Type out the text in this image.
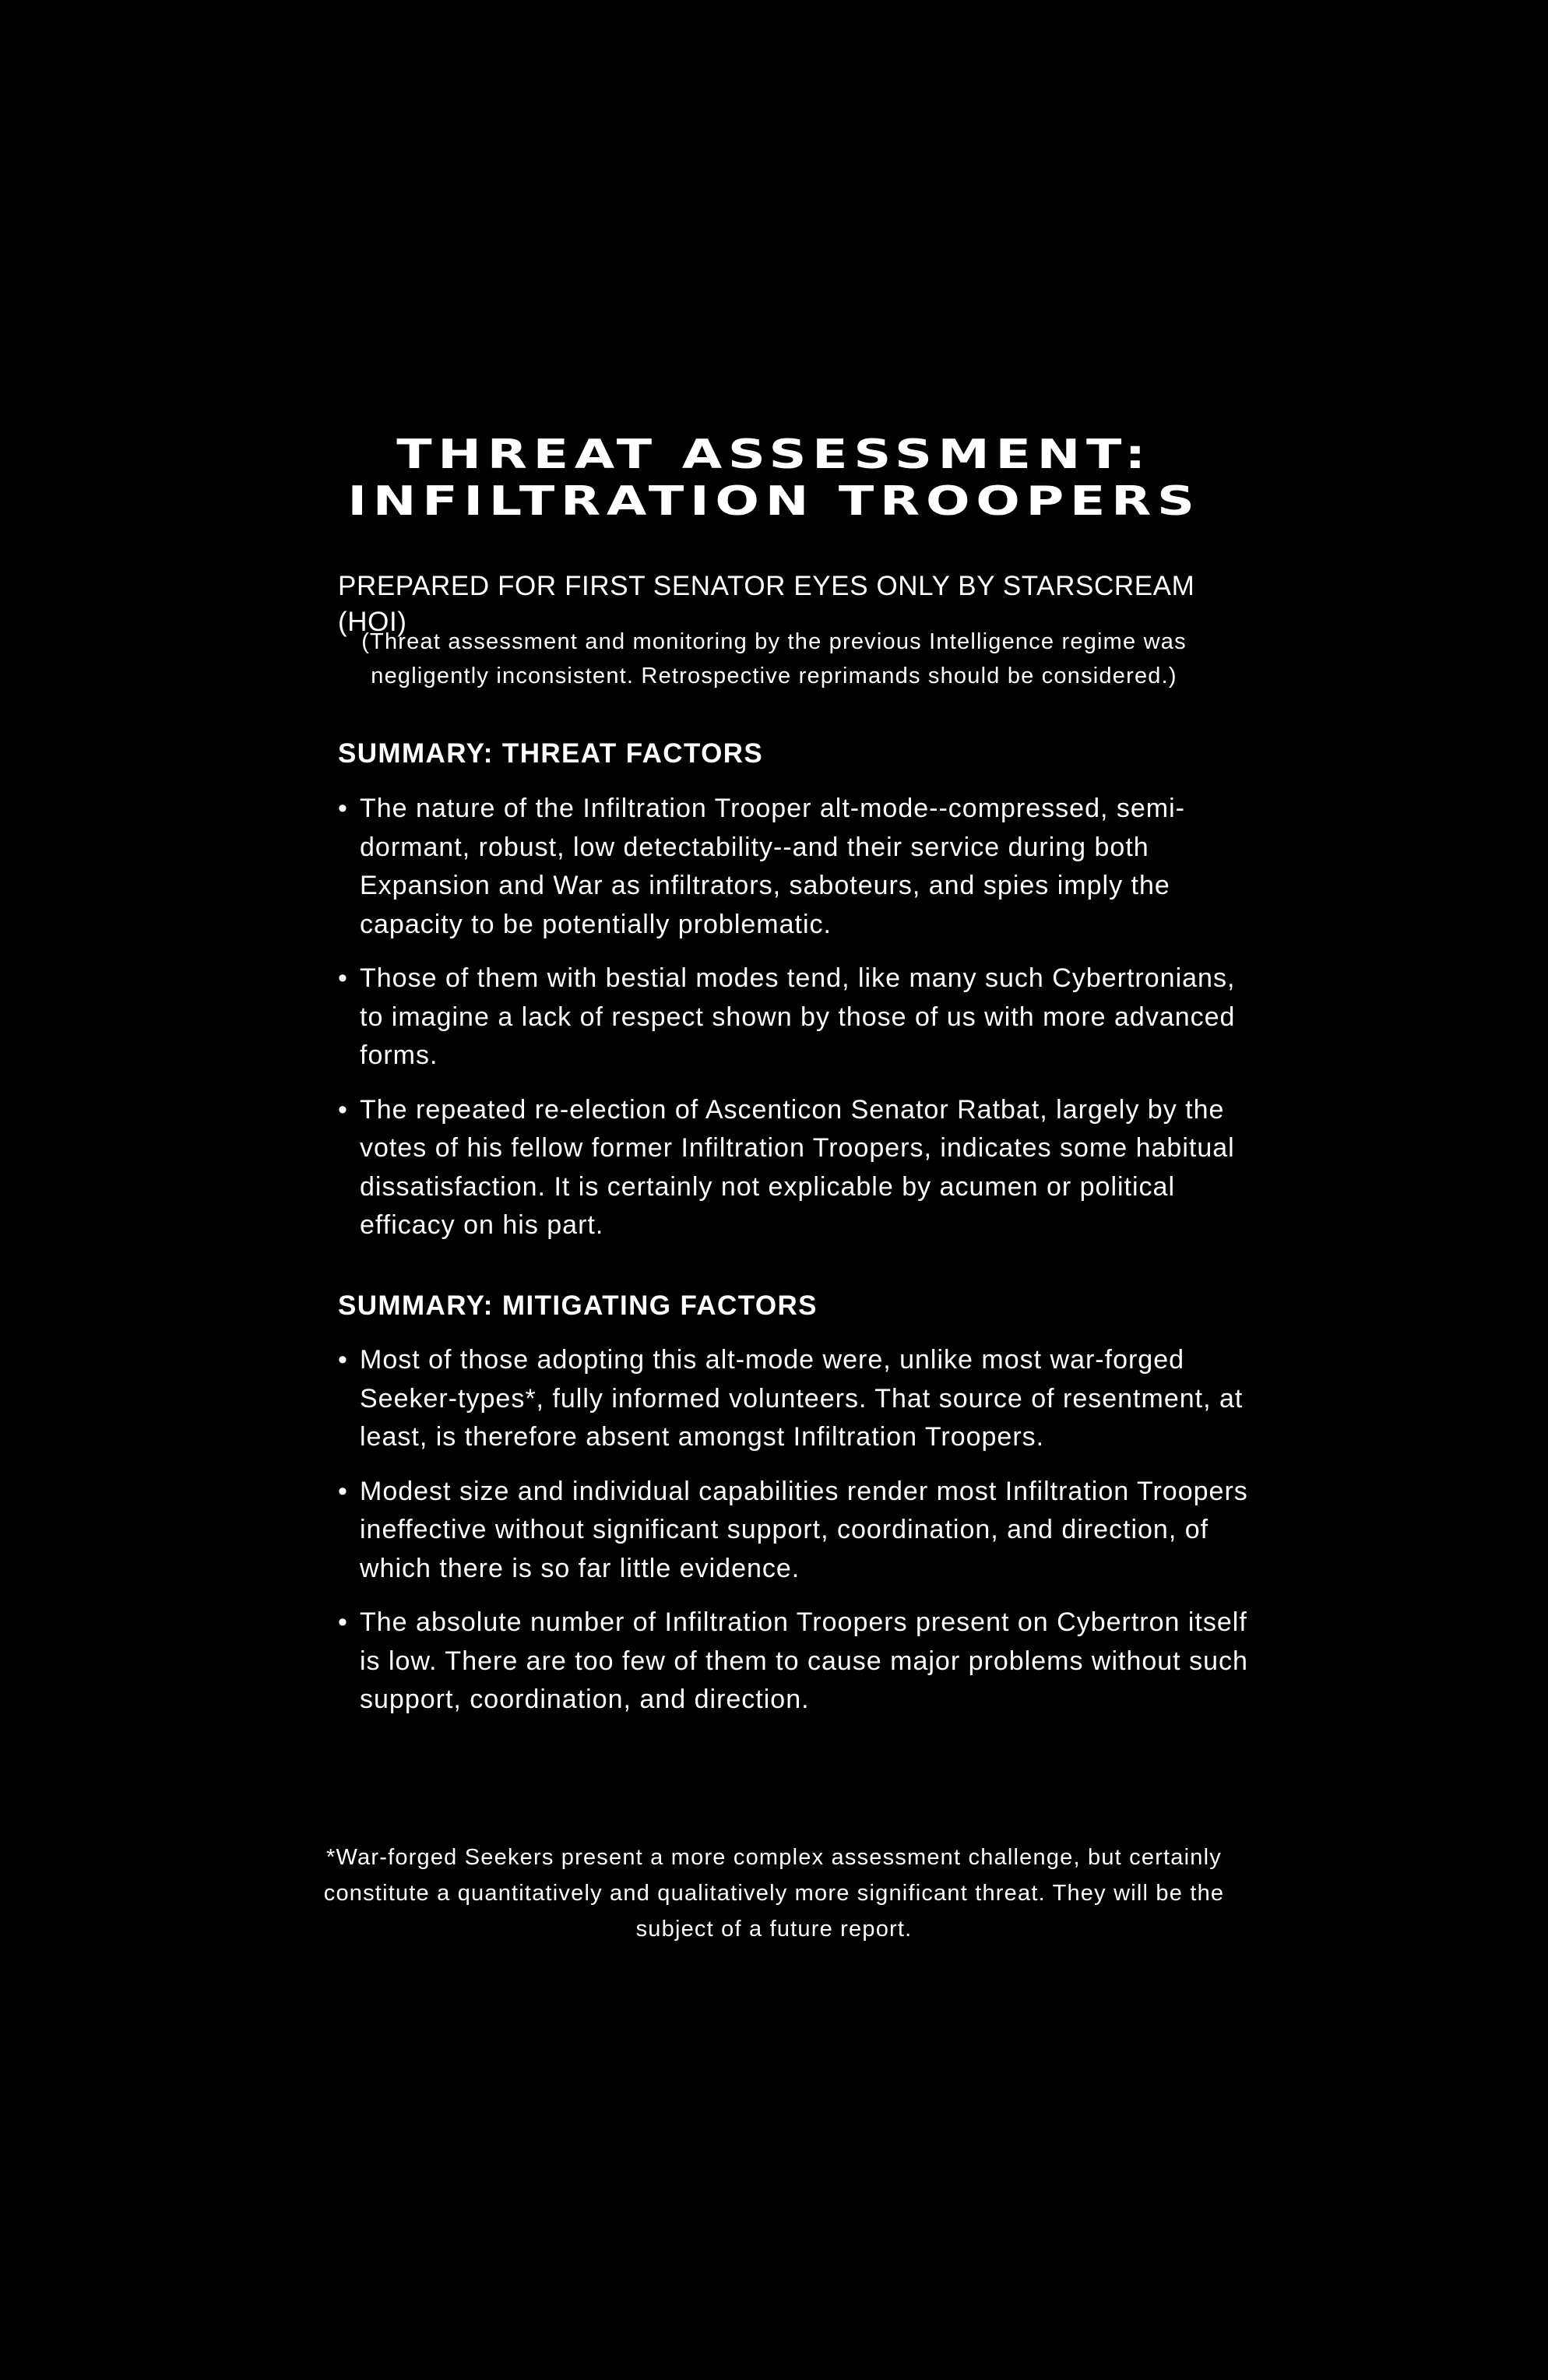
THREAT ASSESSMENT:
INFILTRATION TROOPERS

PREPARED FOR FIRST SENATOR EYES ONLY BY STARSCREAM (HOI)

(Threat assessment and monitoring by the previous Intelligence regime was negligently inconsistent. Retrospective reprimands should be considered.)

SUMMARY: THREAT FACTORS
• The nature of the Infiltration Trooper alt-mode--compressed, semi-dormant, robust, low detectability--and their service during both Expansion and War as infiltrators, saboteurs, and spies imply the capacity to be potentially problematic.
• Those of them with bestial modes tend, like many such Cybertronians, to imagine a lack of respect shown by those of us with more advanced forms.
• The repeated re-election of Ascenticon Senator Ratbat, largely by the votes of his fellow former Infiltration Troopers, indicates some habitual dissatisfaction. It is certainly not explicable by acumen or political efficacy on his part.
SUMMARY: MITIGATING FACTORS
• Most of those adopting this alt-mode were, unlike most war-forged Seeker-types*, fully informed volunteers. That source of resentment, at least, is therefore absent amongst Infiltration Troopers.
• Modest size and individual capabilities render most Infiltration Troopers ineffective without significant support, coordination, and direction, of which there is so far little evidence.
• The absolute number of Infiltration Troopers present on Cybertron itself is low. There are too few of them to cause major problems without such support, coordination, and direction.

*War-forged Seekers present a more complex assessment challenge, but certainly constitute a quantitatively and qualitatively more significant threat. They will be the subject of a future report.
